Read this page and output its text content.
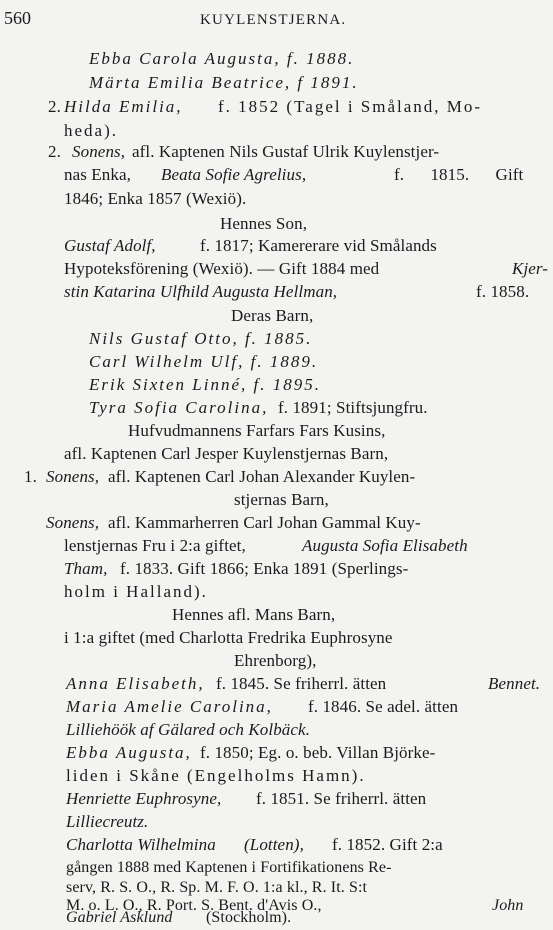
560	KUYLENSTJERNA.
Ebba Carola Augusta, f. 1888.
Märta Emilia Beatrice, f 1891.
2. Hilda Emilia, f. 1852 (Tagel i Småland, Mo-
heda).
2. Sonens, afl. Kaptenen Nils Gustaf Ulrik Kuylenstjer-
nas Enka, Beata Sofie Agrelius,	f. 1815. Gift
1846; Enka 1857 (Wexiö).
Hennes Son,
Gustaf Adolf,	f. 1817; Kamererare vid Smålands
Hypoteksförening (Wexiö). — Gift 1884 med	Kjer-
stin Katarina Ulfhild Augusta Hellman,	f. 1858.
Deras Barn,
Nils Gustaf Otto, f. 1885.
Carl Wilhelm Ulf, f. 1889.
Erik Sixten Linné, f. 1895.
Tyra Sofia Carolina, f. 1891; Stiftsjungfru.
Hufvudmannens Farfars Fars Kusins,
afl. Kaptenen Carl Jesper Kuylenstjernas Barn,
1. Sonens, afl. Kaptenen Carl Johan Alexander Kuylen-
stjernas Barn,
Sonens, afl. Kammarherren Carl Johan Gammal Kuy-
lenstjernas Fru i 2:a giftet,	Augusta Sofia Elisabeth
Tham, f. 1833. Gift 1866; Enka 1891 (Sperlings-
holm i Halland).
Hennes afl. Mans Barn,
i 1:a giftet (med Charlotta Fredrika Euphrosyne
Ehrenborg),
Anna Elisabeth, f. 1845. Se friherrl. ätten	Bennet.
Maria Amelie Carolina, f. 1846. Se adel. ätten
Lilliehöök af Gälared och Kolbäck.
Ebba Augusta, f. 1850; Eg. o. beb. Villan Björke-
liden i Skåne (Engelholms Hamn).
Henriette Euphrosyne, f. 1851. Se friherrl. ätten
Lilliecreutz.
Charlotta Wilhelmina (Lotten), f. 1852. Gift 2:a
gången 1888 med Kaptenen i Fortifikationens Re-
serv, R. S. O., R. Sp. M. F. O. 1:a kl., R. It. S:t
M. o. L. O., R. Port. S. Bent. d'Avis O.,	John
Gabriel Asklund (Stockholm).
